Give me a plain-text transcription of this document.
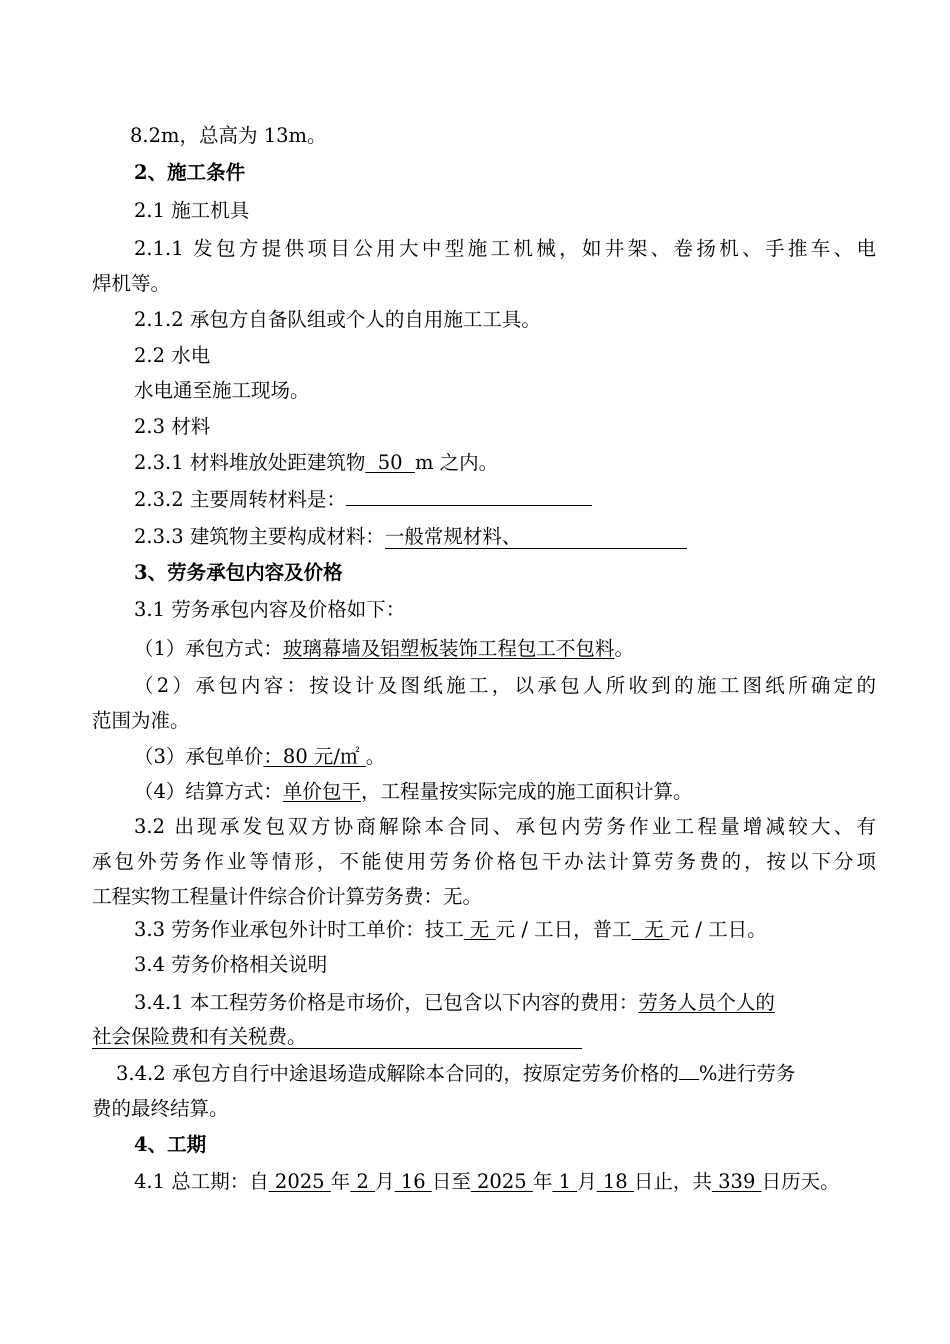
8.2m，总高为 13m。
2、施工条件
2.1 施工机具
2.1.1 发包方提供项目公用大中型施工机械，如井架、卷扬机、手推车、电
焊机等。
2.1.2 承包方自备队组或个人的自用施工工具。
2.2 水电
水电通至施工现场。
2.3 材料
2.3.1 材料堆放处距建筑物  50  m 之内。
2.3.2 主要周转材料是：
2.3.3 建筑物主要构成材料：一般常规材料、
3、劳务承包内容及价格
3.1 劳务承包内容及价格如下：
（1）承包方式：玻璃幕墙及铝塑板装饰工程包工不包料。
（2）承包内容：按设计及图纸施工，以承包人所收到的施工图纸所确定的
范围为准。
（3）承包单价：80 元/㎡ 。
（4）结算方式：单价包干，工程量按实际完成的施工面积计算。
3.2 出现承发包双方协商解除本合同、承包内劳务作业工程量增减较大、有
承包外劳务作业等情形，不能使用劳务价格包干办法计算劳务费的，按以下分项
工程实物工程量计件综合价计算劳务费：无。
3.3 劳务作业承包外计时工单价：技工 无 元 / 工日，普工  无 元 / 工日。
3.4 劳务价格相关说明
3.4.1 本工程劳务价格是市场价，已包含以下内容的费用：劳务人员个人的
社会保险费和有关税费。
3.4.2 承包方自行中途退场造成解除本合同的，按原定劳务价格的 %进行劳务
费的最终结算。
4、工期
4.1 总工期：自 2025 年 2 月 16 日至 2025 年 1 月 18 日止，共 339 日历天。
